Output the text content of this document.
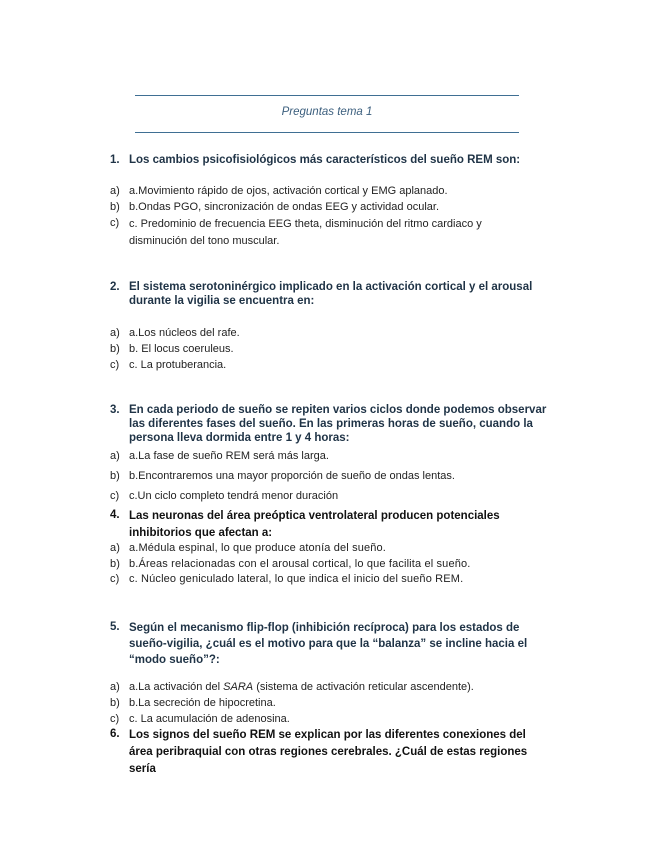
Preguntas tema 1
1. Los cambios psicofisiológicos más característicos del sueño REM son:
a) a.Movimiento rápido de ojos, activación cortical y EMG aplanado.
b) b.Ondas PGO, sincronización de ondas EEG y actividad ocular.
c) c. Predominio de frecuencia EEG theta, disminución del ritmo cardiaco y disminución del tono muscular.
2. El sistema serotoninérgico implicado en la activación cortical y el arousal durante la vigilia se encuentra en:
a) a.Los núcleos del rafe.
b) b. El locus coeruleus.
c) c. La protuberancia.
3. En cada periodo de sueño se repiten varios ciclos donde podemos observar las diferentes fases del sueño. En las primeras horas de sueño, cuando la persona lleva dormida entre 1 y 4 horas:
a) a.La fase de sueño REM será más larga.
b) b.Encontraremos una mayor proporción de sueño de ondas lentas.
c) c.Un ciclo completo tendrá menor duración
4. Las neuronas del área preóptica ventrolateral producen potenciales inhibitorios que afectan a:
a) a.Médula espinal, lo que produce atonía del sueño.
b) b.Áreas relacionadas con el arousal cortical, lo que facilita el sueño.
c) c. Núcleo geniculado lateral, lo que indica el inicio del sueño REM.
5. Según el mecanismo flip-flop (inhibición recíproca) para los estados de sueño-vigilia, ¿cuál es el motivo para que la “balanza” se incline hacia el “modo sueño”?:
a) a.La activación del SARA (sistema de activación reticular ascendente).
b) b.La secreción de hipocretina.
c) c. La acumulación de adenosina.
6. Los signos del sueño REM se explican por las diferentes conexiones del área peribraquial con otras regiones cerebrales. ¿Cuál de estas regiones sería
